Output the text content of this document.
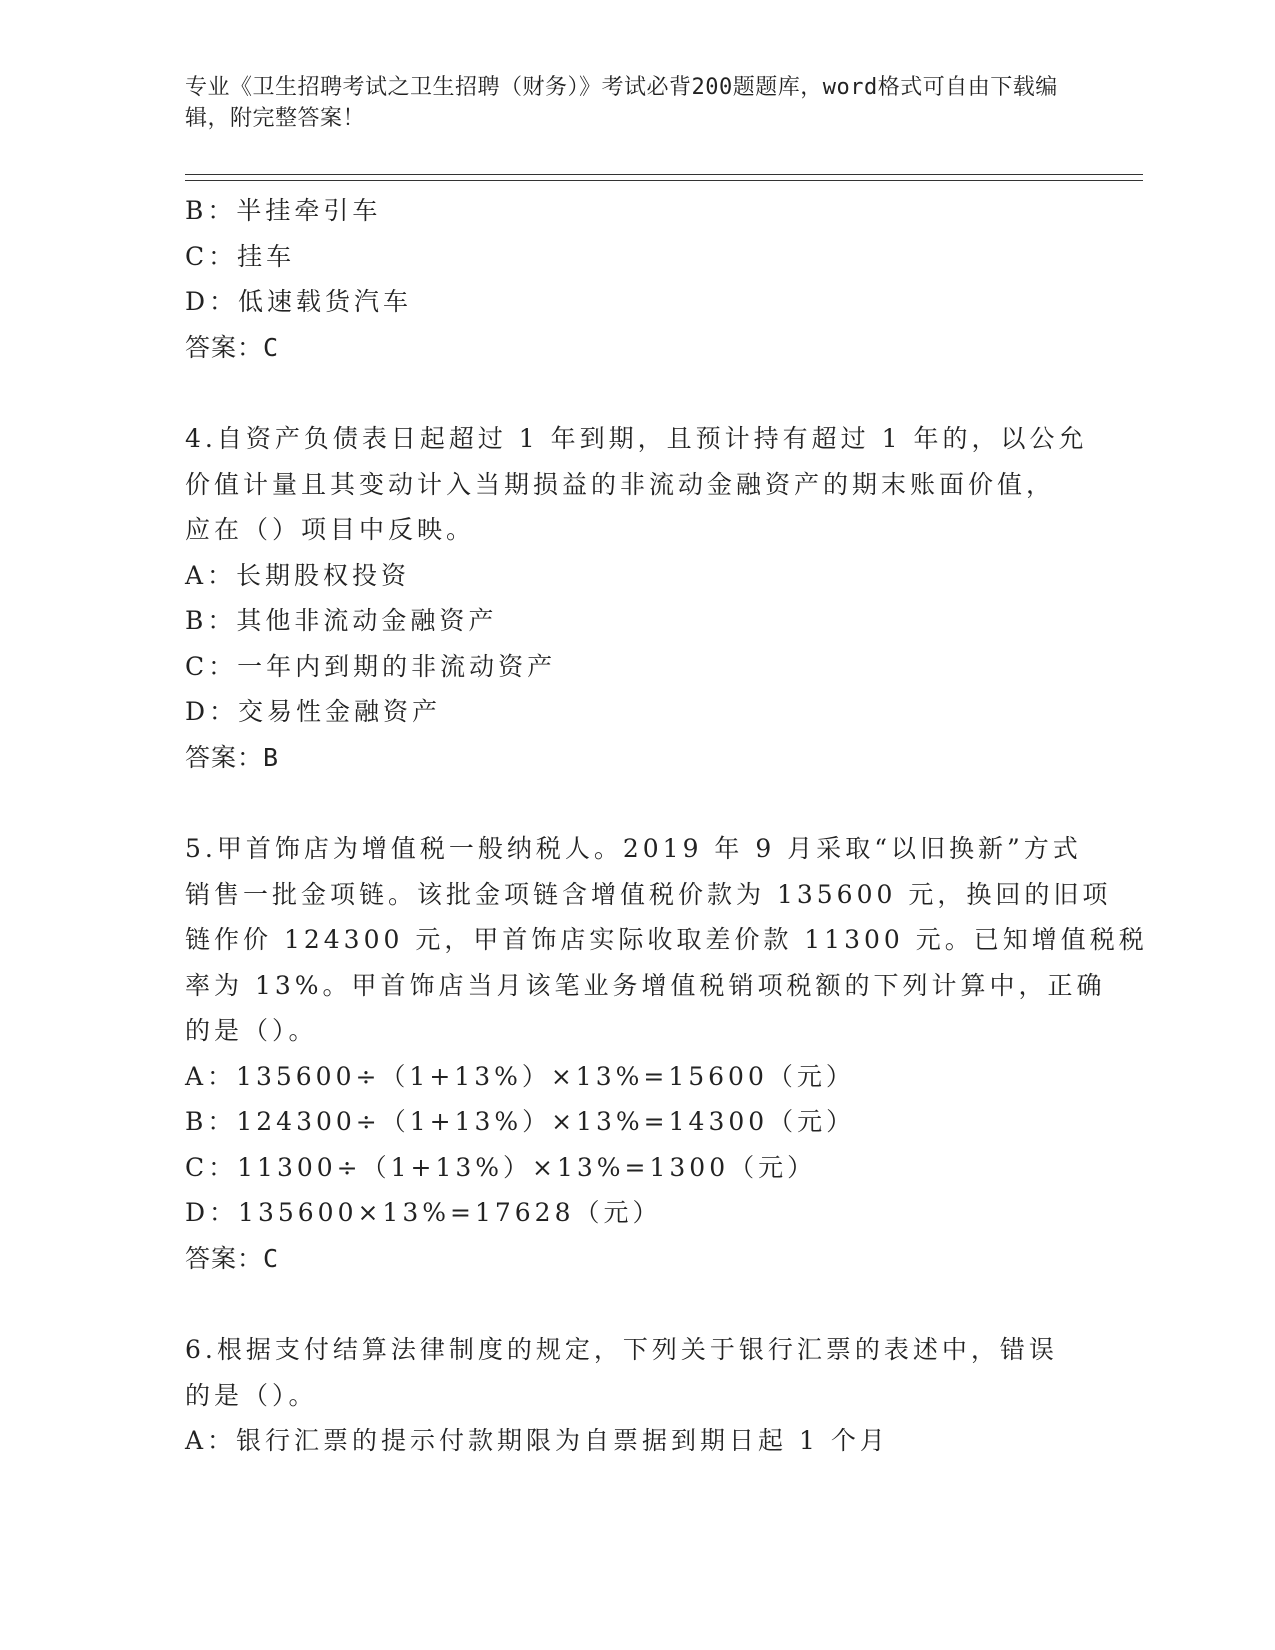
专业《卫生招聘考试之卫生招聘（财务）》考试必背200题题库，word格式可自由下载编辑，附完整答案！
B：半挂牵引车
C：挂车
D：低速载货汽车
答案：C
4.自资产负债表日起超过 1 年到期，且预计持有超过 1 年的，以公允
价值计量且其变动计入当期损益的非流动金融资产的期末账面价值，
应在（）项目中反映。
A：长期股权投资
B：其他非流动金融资产
C：一年内到期的非流动资产
D：交易性金融资产
答案：B
5.甲首饰店为增值税一般纳税人。2019 年 9 月采取“以旧换新”方式
销售一批金项链。该批金项链含增值税价款为 135600 元，换回的旧项
链作价 124300 元，甲首饰店实际收取差价款 11300 元。已知增值税税
率为 13%。甲首饰店当月该笔业务增值税销项税额的下列计算中，正确
的是（）。
A：135600÷（1+13%）×13%=15600（元）
B：124300÷（1+13%）×13%=14300（元）
C：11300÷（1+13%）×13%=1300（元）
D：135600×13%=17628（元）
答案：C
6.根据支付结算法律制度的规定，下列关于银行汇票的表述中，错误
的是（）。
A：银行汇票的提示付款期限为自票据到期日起 1 个月
